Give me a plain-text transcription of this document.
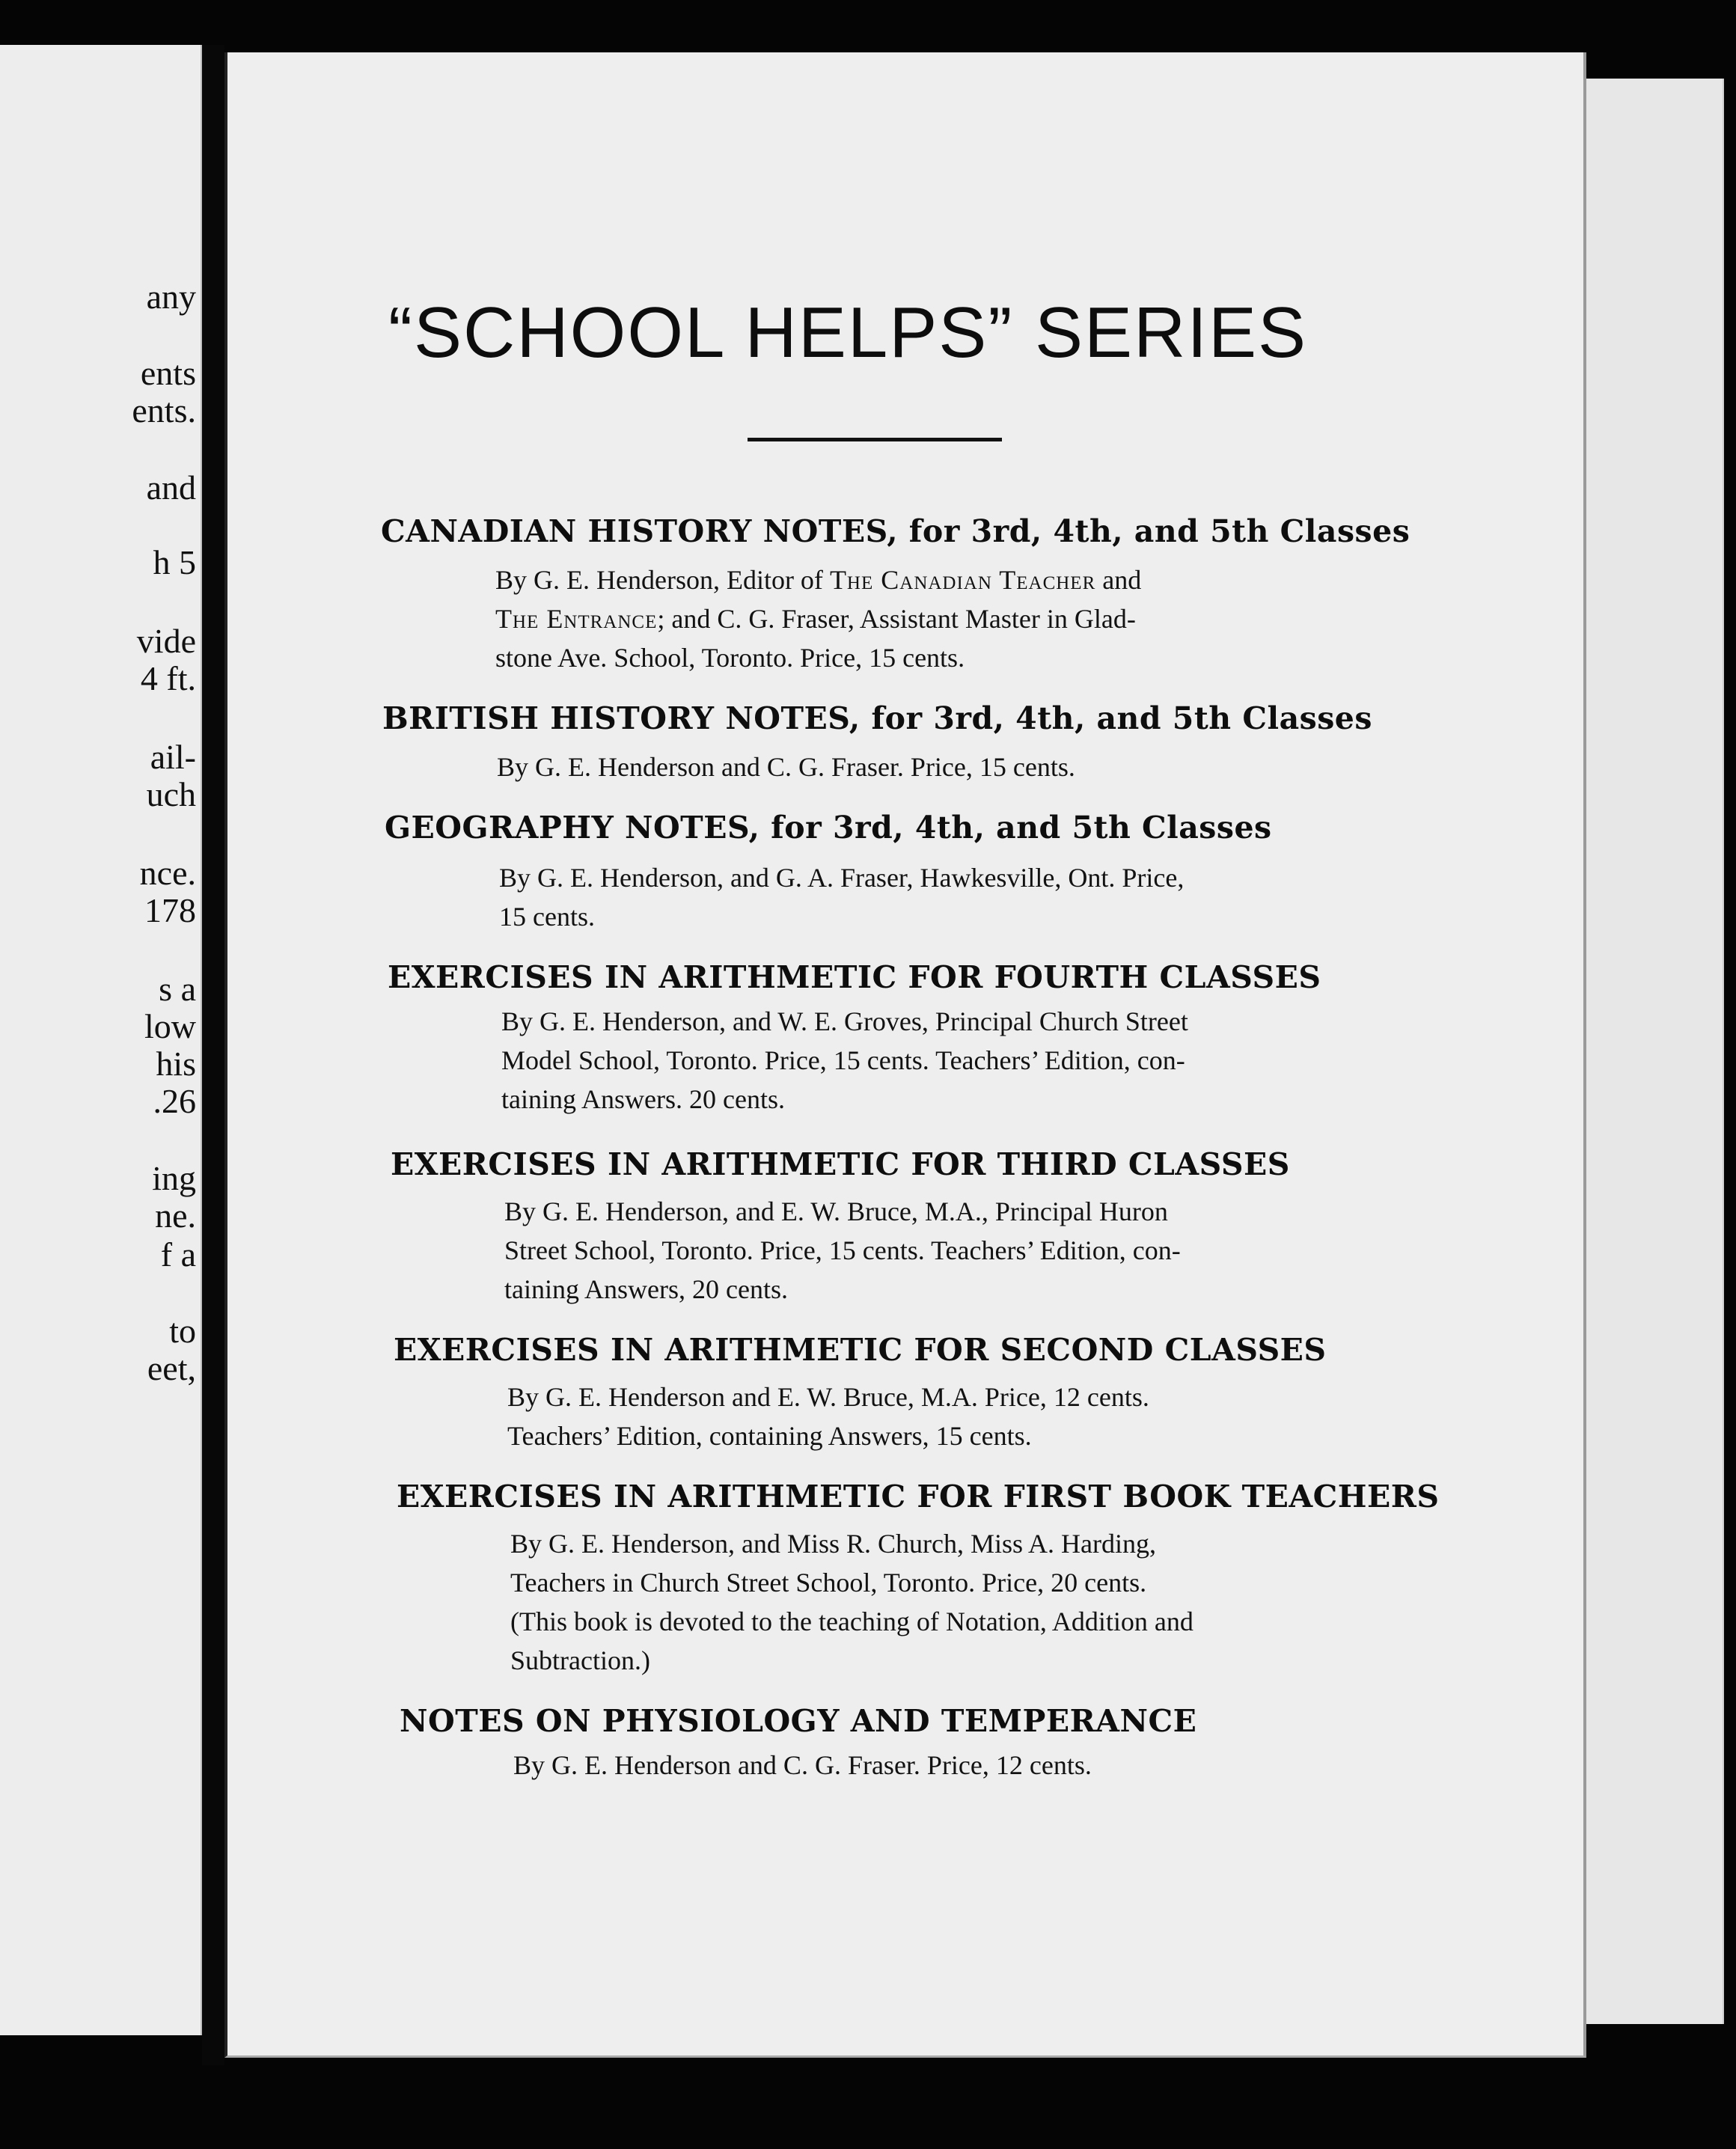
any
ents
ents.
and
h 5
vide
4 ft.
ail-
uch
nce.
178
s a
low
his
.26
ing
ne.
f a
to
eet,
“SCHOOL HELPS” SERIES
CANADIAN HISTORY NOTES, for 3rd, 4th, and 5th Classes
By G. E. Henderson, Editor of The Canadian Teacher and
The Entrance; and C. G. Fraser, Assistant Master in Glad-
stone Ave. School, Toronto. Price, 15 cents.
BRITISH HISTORY NOTES, for 3rd, 4th, and 5th Classes
By G. E. Henderson and C. G. Fraser. Price, 15 cents.
GEOGRAPHY NOTES, for 3rd, 4th, and 5th Classes
By G. E. Henderson, and G. A. Fraser, Hawkesville, Ont. Price,
15 cents.
EXERCISES IN ARITHMETIC FOR FOURTH CLASSES
By G. E. Henderson, and W. E. Groves, Principal Church Street
Model School, Toronto. Price, 15 cents. Teachers’ Edition, con-
taining Answers. 20 cents.
EXERCISES IN ARITHMETIC FOR THIRD CLASSES
By G. E. Henderson, and E. W. Bruce, M.A., Principal Huron
Street School, Toronto. Price, 15 cents. Teachers’ Edition, con-
taining Answers, 20 cents.
EXERCISES IN ARITHMETIC FOR SECOND CLASSES
By G. E. Henderson and E. W. Bruce, M.A. Price, 12 cents.
Teachers’ Edition, containing Answers, 15 cents.
EXERCISES IN ARITHMETIC FOR FIRST BOOK TEACHERS
By G. E. Henderson, and Miss R. Church, Miss A. Harding,
Teachers in Church Street School, Toronto. Price, 20 cents.
(This book is devoted to the teaching of Notation, Addition and
Subtraction.)
NOTES ON PHYSIOLOGY AND TEMPERANCE
By G. E. Henderson and C. G. Fraser. Price, 12 cents.
